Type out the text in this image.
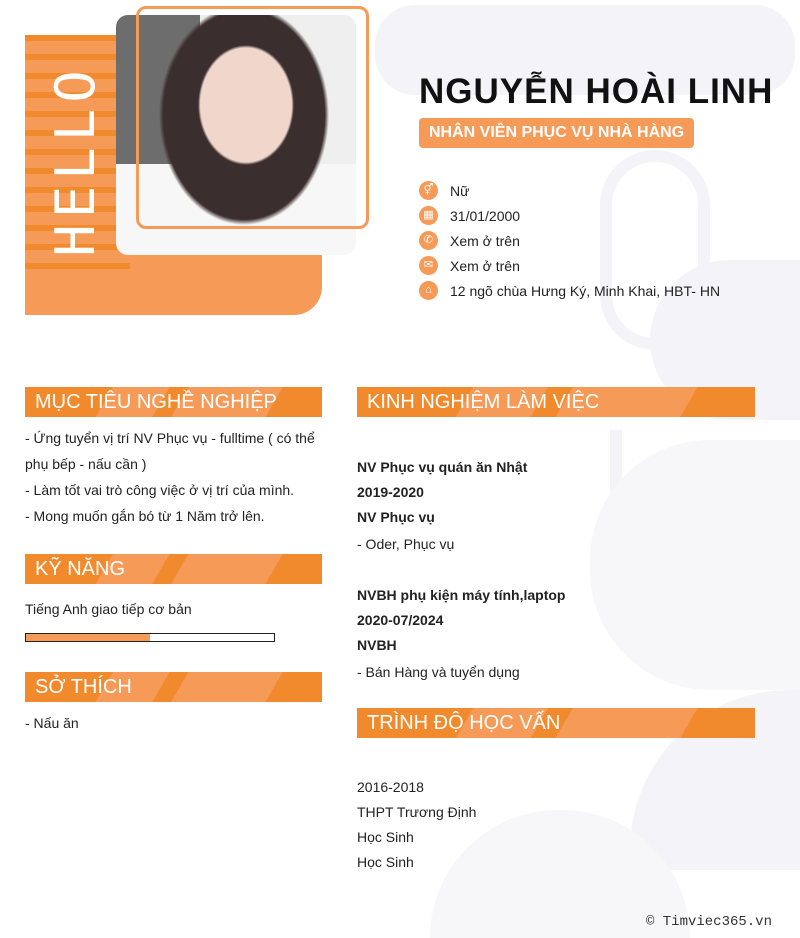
HELLO	NGUYỄN HOÀI LINH
NHÂN VIÊN PHỤC VỤ NHÀ HÀNG
⚥	Nữ
▦	31/01/2000
✆	Xem ở trên
✉	Xem ở trên
⌂	12 ngõ chùa Hưng Ký, Minh Khai, HBT- HN
MỤC TIÊU NGHỀ NGHIỆP
- Ứng tuyển vị trí NV Phục vụ - fulltime ( có thể
phụ bếp - nấu cần )
- Làm tốt vai trò công việc ở vị trí của mình.
- Mong muốn gắn bó từ 1 Năm trở lên.
KỸ NĂNG
Tiếng Anh giao tiếp cơ bản
SỞ THÍCH
- Nấu ăn
KINH NGHIỆM LÀM VIỆC
NV Phục vụ quán ăn Nhật
2019-2020
NV Phục vụ
- Oder, Phục vụ
NVBH phụ kiện máy tính,laptop
2020-07/2024
NVBH
- Bán Hàng và tuyển dụng
TRÌNH ĐỘ HỌC VẤN
2016-2018
THPT Trương Định
Học Sinh
Học Sinh
© Timviec365.vn
